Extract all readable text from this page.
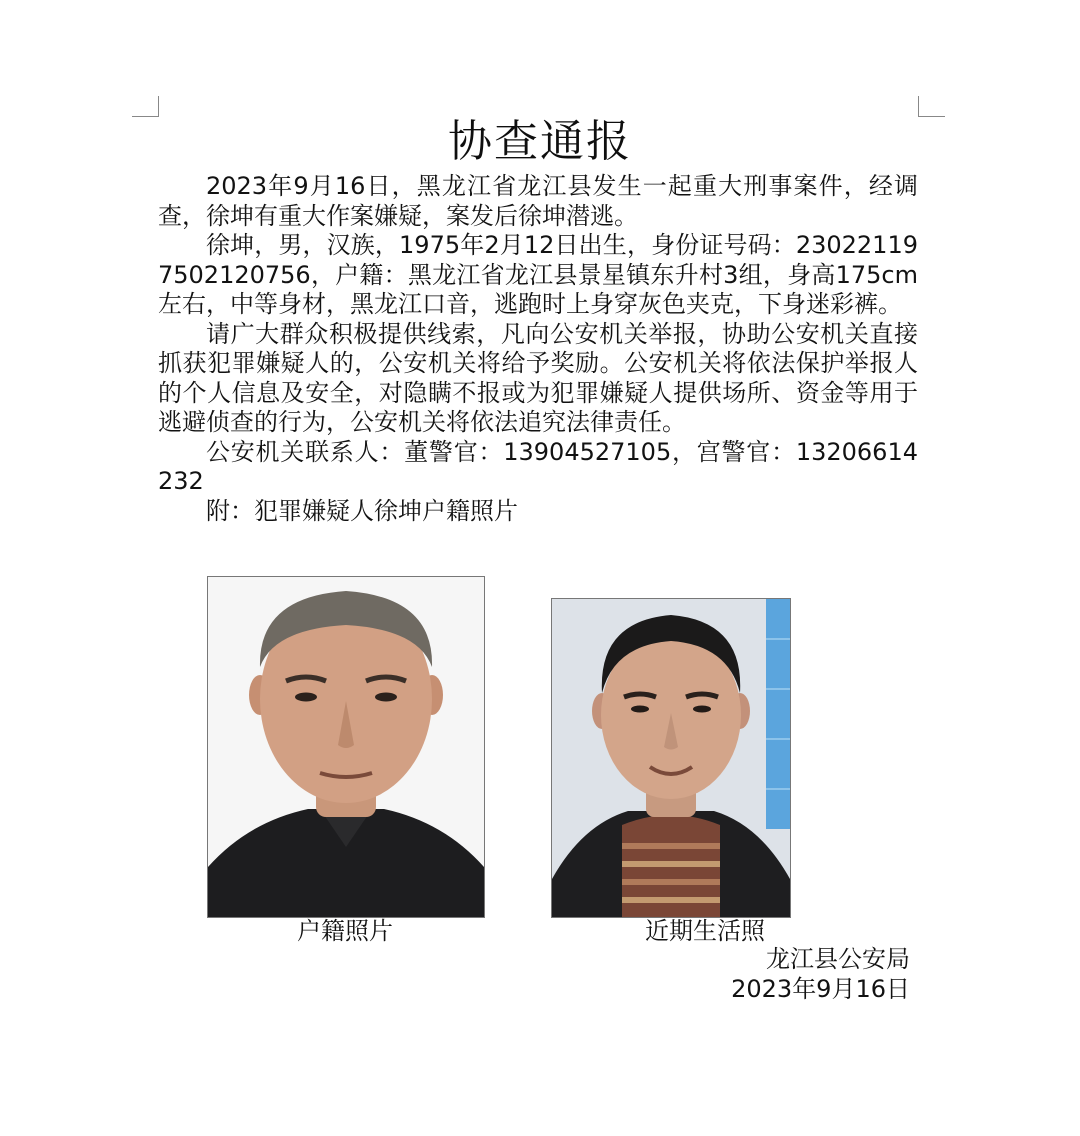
协查通报

2023年9月16日，黑龙江省龙江县发生一起重大刑事案件，经调查，徐坤有重大作案嫌疑，案发后徐坤潜逃。

徐坤，男，汉族，1975年2月12日出生，身份证号码：230221197502120756，户籍：黑龙江省龙江县景星镇东升村3组，身高175cm左右，中等身材，黑龙江口音，逃跑时上身穿灰色夹克，下身迷彩裤。

请广大群众积极提供线索，凡向公安机关举报，协助公安机关直接抓获犯罪嫌疑人的，公安机关将给予奖励。公安机关将依法保护举报人的个人信息及安全，对隐瞒不报或为犯罪嫌疑人提供场所、资金等用于逃避侦查的行为，公安机关将依法追究法律责任。

公安机关联系人：董警官：13904527105，宫警官：13206614232

附：犯罪嫌疑人徐坤户籍照片

户籍照片	近期生活照
龙江县公安局
2023年9月16日
